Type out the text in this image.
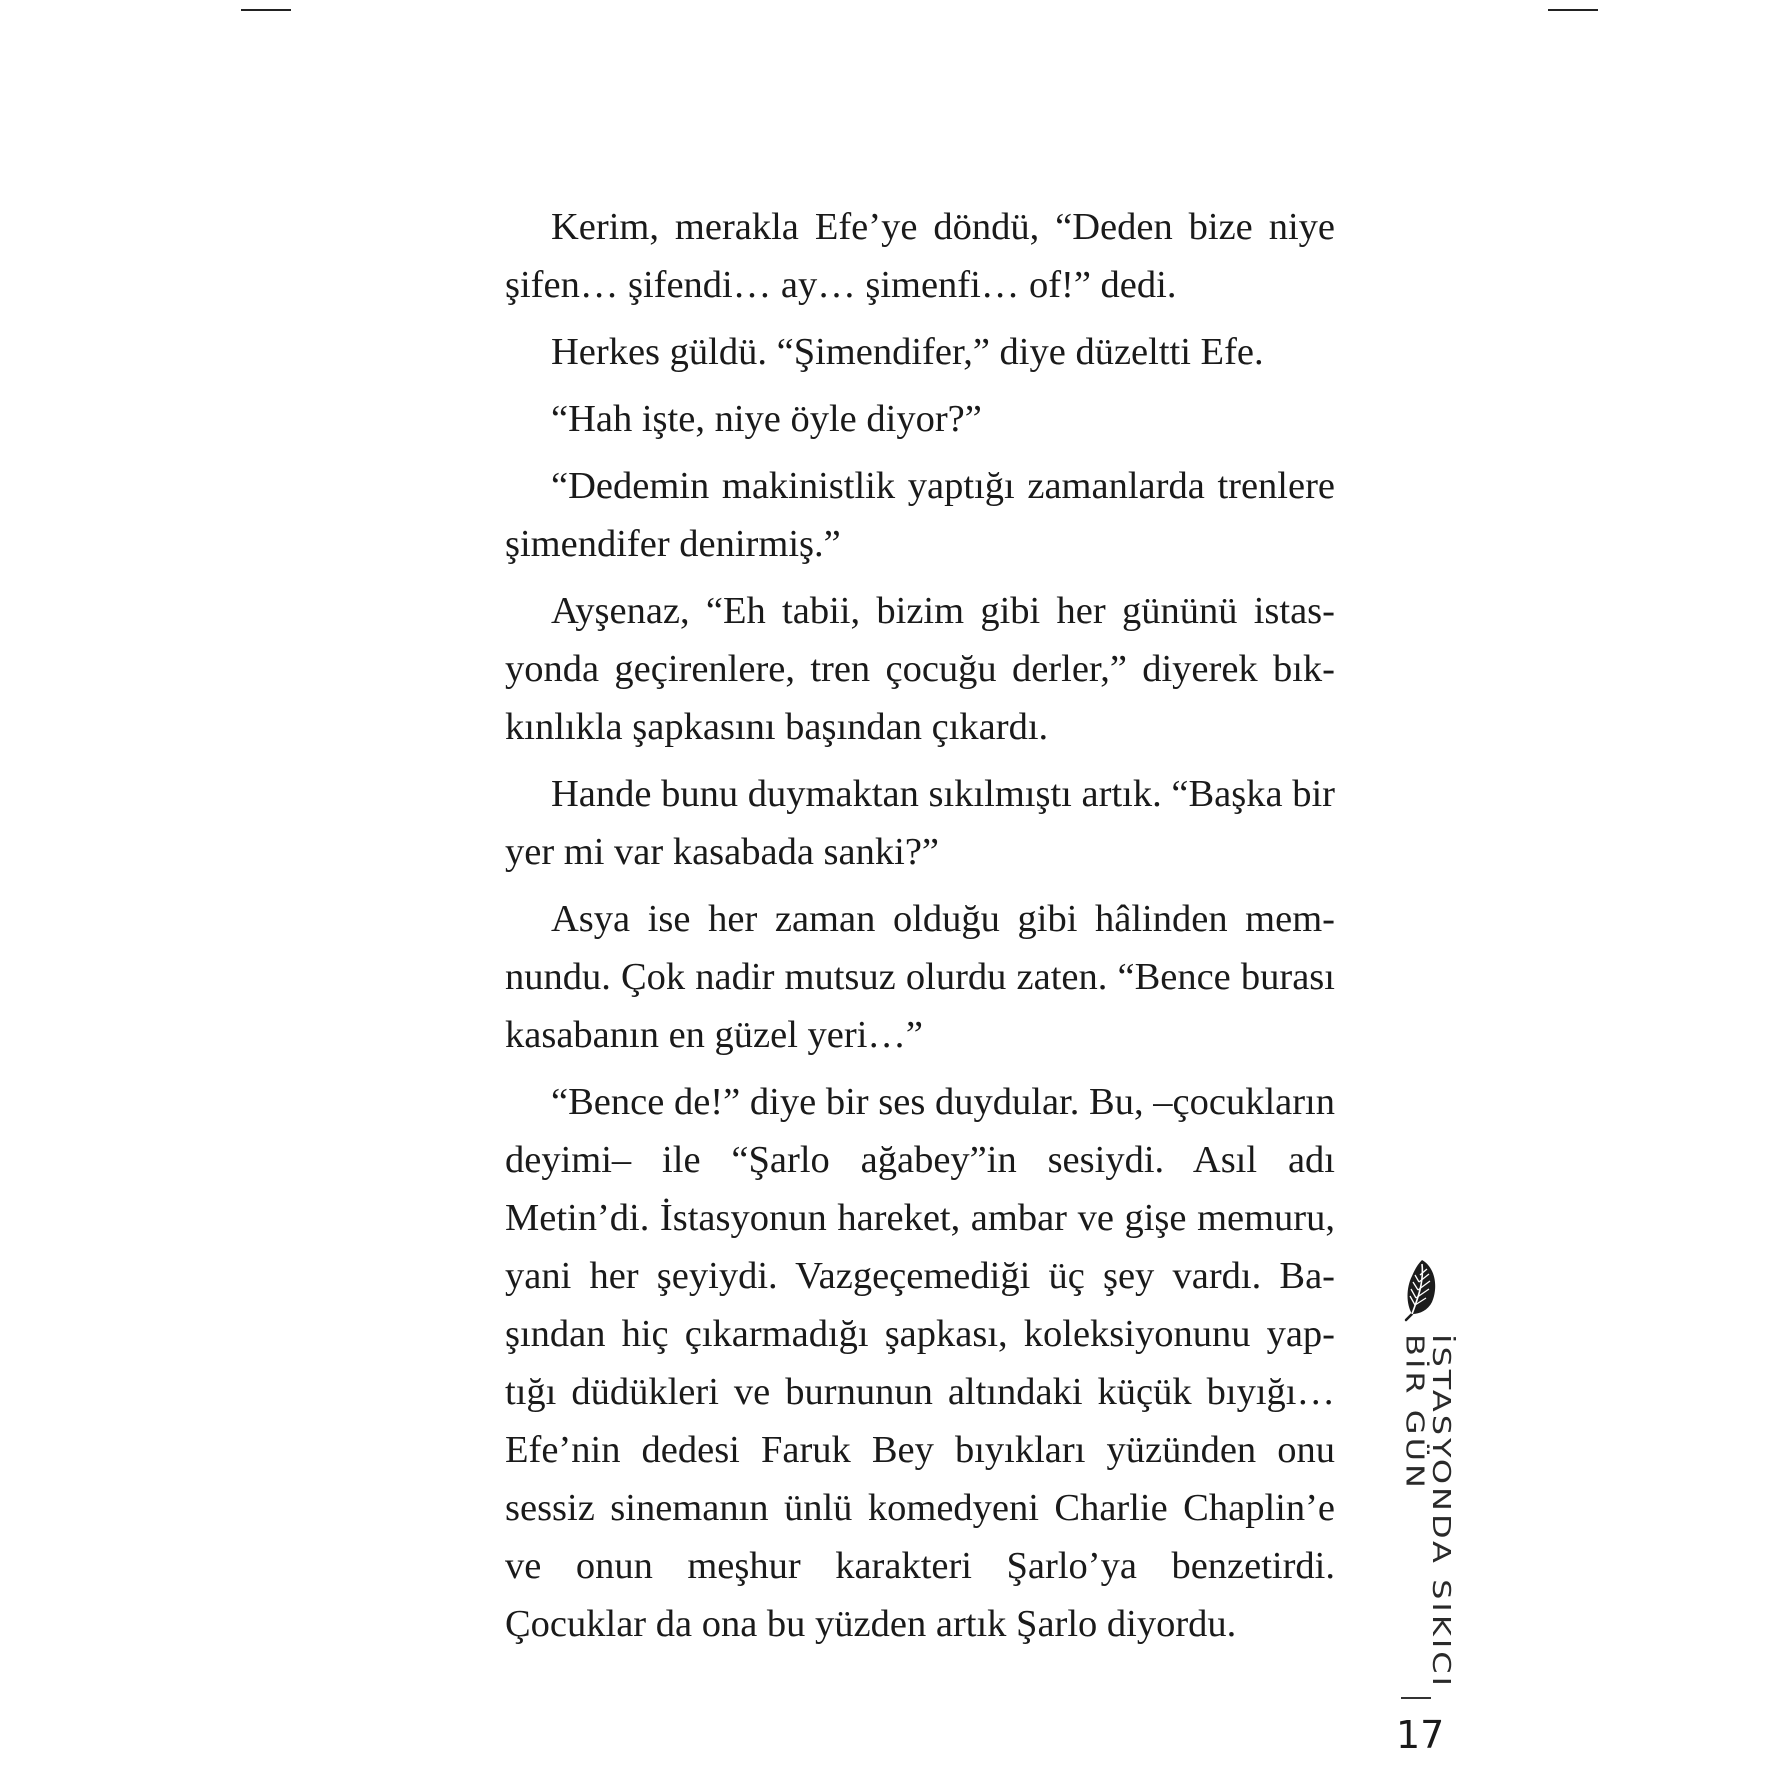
Kerim, merakla Efe’ye döndü, “Deden bize niye şifen… şifendi… ay… şimenfi… of!” dedi.

Herkes güldü. “Şimendifer,” diye düzeltti Efe.

“Hah işte, niye öyle diyor?”

“Dedemin makinistlik yaptığı zamanlarda trenlere şimendifer denirmiş.”

Ayşenaz, “Eh tabii, bizim gibi her gününü istasyonda geçirenlere, tren çocuğu derler,” diyerek bıkkınlıkla şapkasını başından çıkardı.

Hande bunu duymaktan sıkılmıştı artık. “Başka bir yer mi var kasabada sanki?”

Asya ise her zaman olduğu gibi hâlinden memnundu. Çok nadir mutsuz olurdu zaten. “Bence burası kasabanın en güzel yeri…”

“Bence de!” diye bir ses duydular. Bu, –çocukların deyimi– ile “Şarlo ağabey”in sesiydi. Asıl adı Metin’di. İstasyonun hareket, ambar ve gişe memuru, yani her şeyiydi. Vazgeçemediği üç şey vardı. Başından hiç çıkarmadığı şapkası, koleksiyonunu yaptığı düdükleri ve burnunun altındaki küçük bıyığı… Efe’nin dedesi Faruk Bey bıyıkları yüzünden onu sessiz sinemanın ünlü komedyeni Charlie Chaplin’e ve onun meşhur karakteri Şarlo’ya benzetirdi. Çocuklar da ona bu yüzden artık Şarlo diyordu.	İSTASYONDA SIKICI BİR GÜN
17
